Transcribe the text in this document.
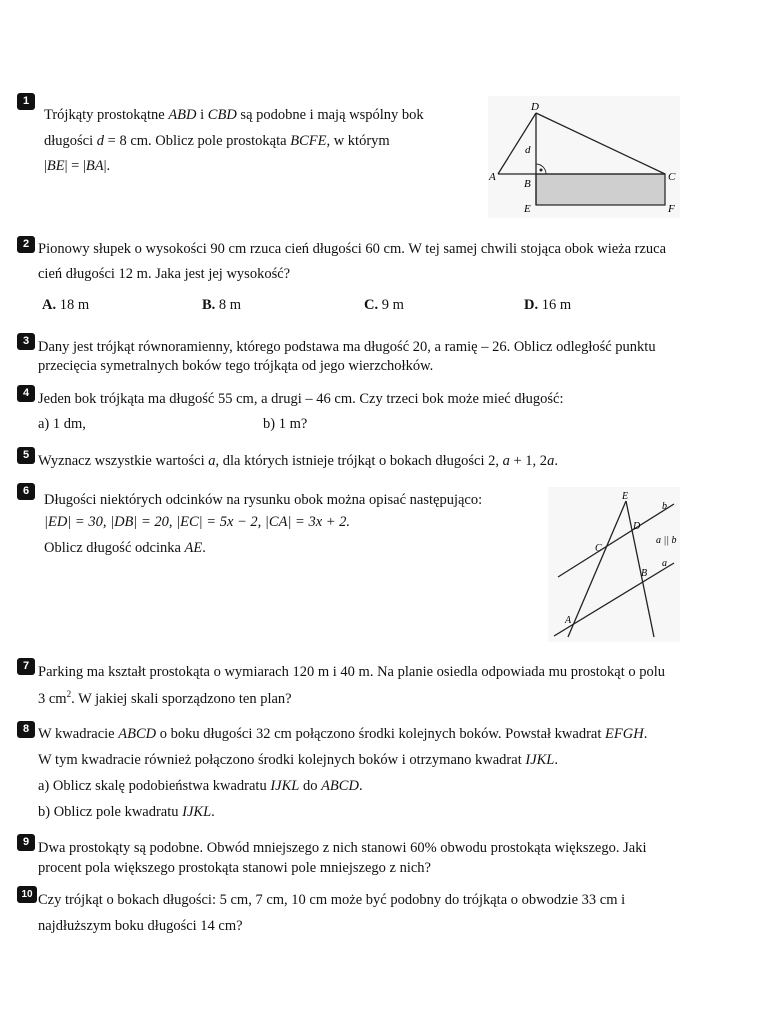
1
Trójkąty prostokątne ABD i CBD są podobne i mają wspólny bok
długości d = 8 cm. Oblicz pole prostokąta BCFE, w którym
|BE| = |BA|.
D
d
A
B
C
E	F
2 Pionowy słupek o wysokości 90 cm rzuca cień długości 60 cm. W tej samej chwili stojąca obok wieża rzuca
cień długości 12 m. Jaka jest jej wysokość?
A. 18 m	B. 8 m	C. 9 m	D. 16 m
3 Dany jest trójkąt równoramienny, którego podstawa ma długość 20, a ramię – 26. Oblicz odległość punktu
przecięcia symetralnych boków tego trójkąta od jego wierzchołków.
4 Jeden bok trójkąta ma długość 55 cm, a drugi – 46 cm. Czy trzeci bok może mieć długość:
a) 1 dm,	b) 1 m?
5 Wyznacz wszystkie wartości a, dla których istnieje trójkąt o bokach długości 2, a + 1, 2a.
6
Długości niektórych odcinków na rysunku obok można opisać następująco:
|ED| = 30, |DB| = 20, |EC| = 5x − 2, |CA| = 3x + 2.
Oblicz długość odcinka AE.
E
D
C
B
A
b
a
a || b
7 Parking ma kształt prostokąta o wymiarach 120 m i 40 m. Na planie osiedla odpowiada mu prostokąt o polu
3 $cm^2$. W jakiej skali sporządzono ten plan?
8 W kwadracie ABCD o boku długości 32 cm połączono środki kolejnych boków. Powstał kwadrat EFGH.
W tym kwadracie również połączono środki kolejnych boków i otrzymano kwadrat IJKL.
a) Oblicz skalę podobieństwa kwadratu IJKL do ABCD.
b) Oblicz pole kwadratu IJKL.
9 Dwa prostokąty są podobne. Obwód mniejszego z nich stanowi 60% obwodu prostokąta większego. Jaki
procent pola większego prostokąta stanowi pole mniejszego z nich?
10 Czy trójkąt o bokach długości: 5 cm, 7 cm, 10 cm może być podobny do trójkąta o obwodzie 33 cm i
najdłuższym boku długości 14 cm?
